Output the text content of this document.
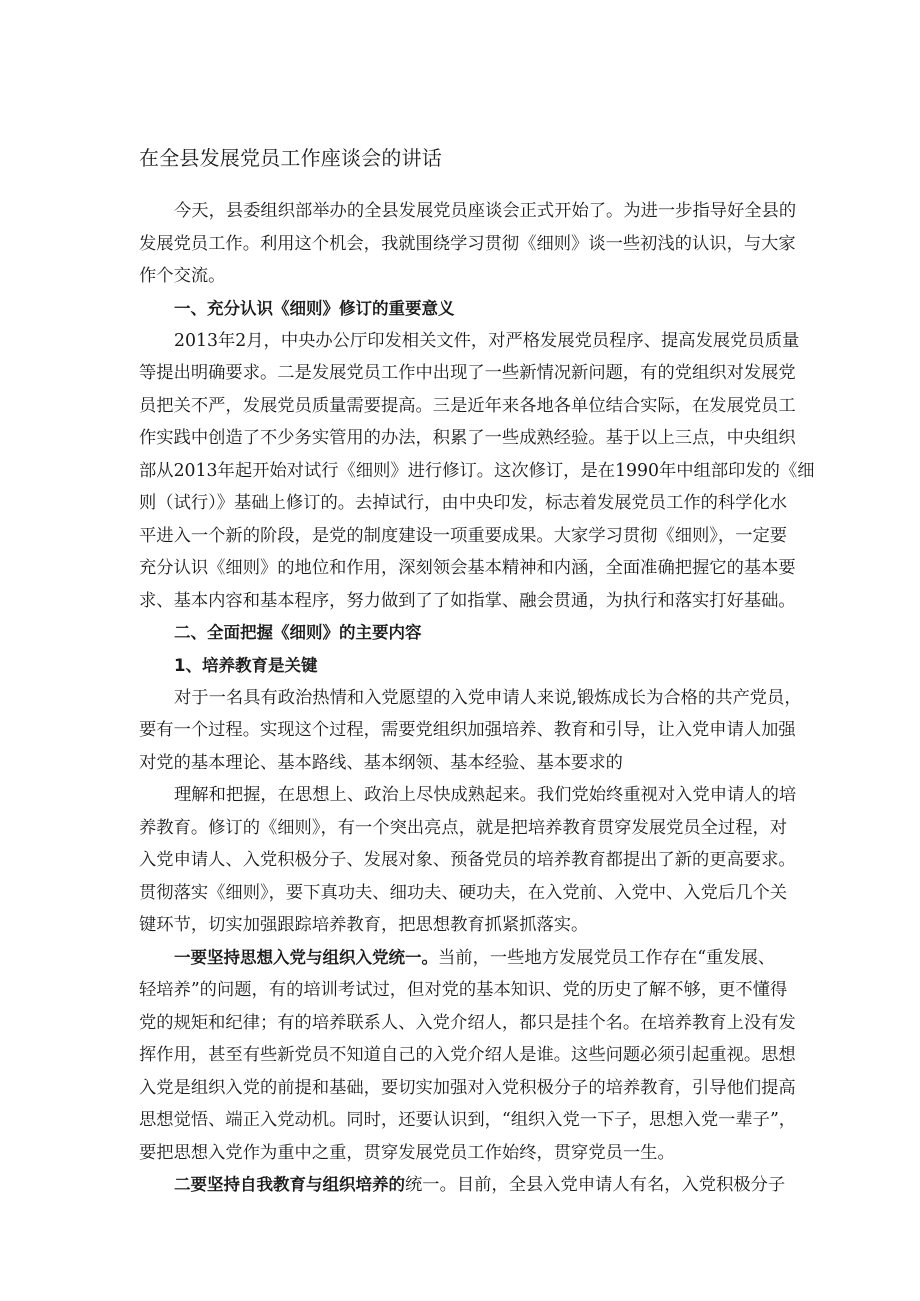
在全县发展党员工作座谈会的讲话
今天，县委组织部举办的全县发展党员座谈会正式开始了。为进一步指导好全县的
发展党员工作。利用这个机会，我就围绕学习贯彻《细则》谈一些初浅的认识，与大家
作个交流。
一、充分认识《细则》修订的重要意义
2013年2月，中央办公厅印发相关文件，对严格发展党员程序、提高发展党员质量
等提出明确要求。二是发展党员工作中出现了一些新情况新问题，有的党组织对发展党
员把关不严，发展党员质量需要提高。三是近年来各地各单位结合实际，在发展党员工
作实践中创造了不少务实管用的办法，积累了一些成熟经验。基于以上三点，中央组织
部从2013年起开始对试行《细则》进行修订。这次修订，是在1990年中组部印发的《细
则（试行）》基础上修订的。去掉试行，由中央印发，标志着发展党员工作的科学化水
平进入一个新的阶段，是党的制度建设一项重要成果。大家学习贯彻《细则》，一定要
充分认识《细则》的地位和作用，深刻领会基本精神和内涵，全面准确把握它的基本要
求、基本内容和基本程序，努力做到了了如指掌、融会贯通，为执行和落实打好基础。
二、全面把握《细则》的主要内容
1、培养教育是关键
对于一名具有政治热情和入党愿望的入党申请人来说,锻炼成长为合格的共产党员，
要有一个过程。实现这个过程，需要党组织加强培养、教育和引导，让入党申请人加强
对党的基本理论、基本路线、基本纲领、基本经验、基本要求的
理解和把握，在思想上、政治上尽快成熟起来。我们党始终重视对入党申请人的培
养教育。修订的《细则》，有一个突出亮点，就是把培养教育贯穿发展党员全过程，对
入党申请人、入党积极分子、发展对象、预备党员的培养教育都提出了新的更高要求。
贯彻落实《细则》，要下真功夫、细功夫、硬功夫，在入党前、入党中、入党后几个关
键环节，切实加强跟踪培养教育，把思想教育抓紧抓落实。
一要坚持思想入党与组织入党统一。当前，一些地方发展党员工作存在“重发展、
轻培养”的问题，有的培训考试过，但对党的基本知识、党的历史了解不够，更不懂得
党的规矩和纪律；有的培养联系人、入党介绍人，都只是挂个名。在培养教育上没有发
挥作用，甚至有些新党员不知道自己的入党介绍人是谁。这些问题必须引起重视。思想
入党是组织入党的前提和基础，要切实加强对入党积极分子的培养教育，引导他们提高
思想觉悟、端正入党动机。同时，还要认识到，“组织入党一下子，思想入党一辈子”，
要把思想入党作为重中之重，贯穿发展党员工作始终，贯穿党员一生。
二要坚持自我教育与组织培养的统一。目前，全县入党申请人有名，入党积极分子
